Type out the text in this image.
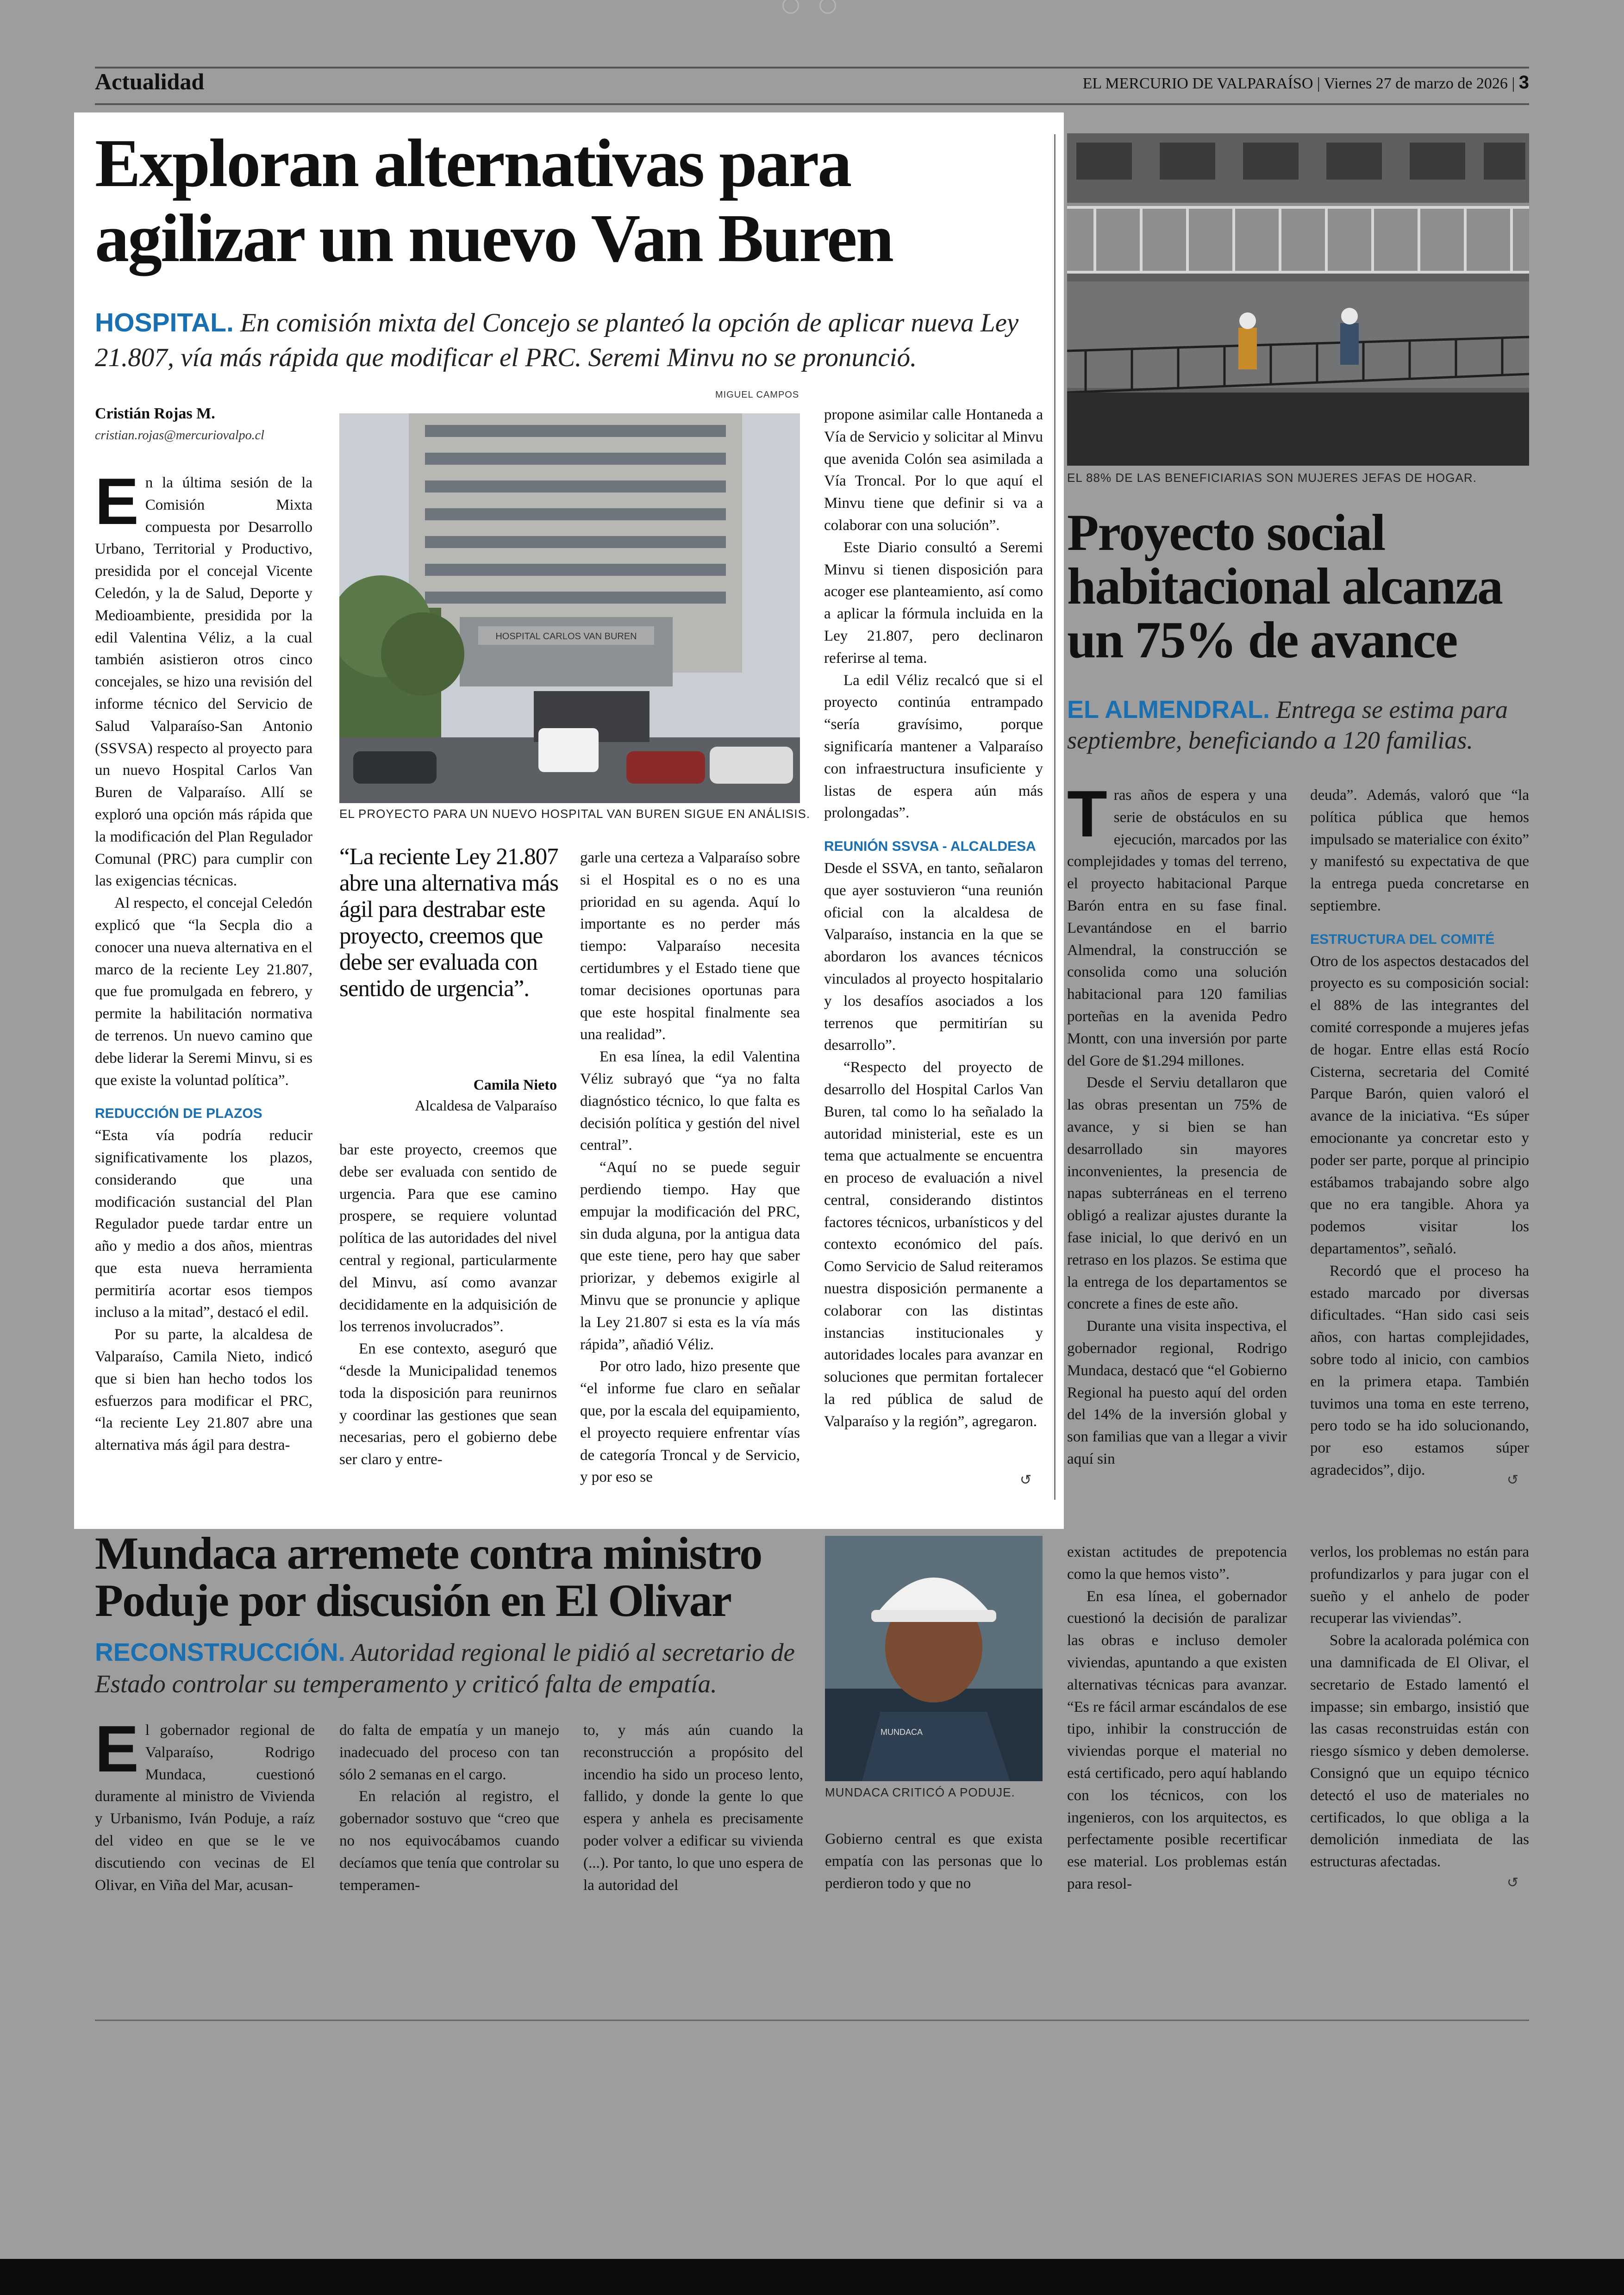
Actualidad	EL MERCURIO DE VALPARAÍSO | Viernes 27 de marzo de 2026 | 3
Exploran alternativas para
agilizar un nuevo Van Buren
HOSPITAL. En comisión mixta del Concejo se planteó la opción de aplicar nueva Ley 21.807, vía más rápida que modificar el PRC. Seremi Minvu no se pronunció.
Cristián Rojas M.
cristian.rojas@mercuriovalpo.cl
MIGUEL CAMPOS
HOSPITAL CARLOS VAN BUREN
EL PROYECTO PARA UN NUEVO HOSPITAL VAN BUREN SIGUE EN ANÁLISIS.
“La reciente Ley 21.807 abre una alternativa más ágil para destrabar este proyecto, creemos que debe ser evaluada con sentido de urgencia”.
Camila Nieto
Alcaldesa de Valparaíso

En la última sesión de la Comisión Mixta compuesta por Desarrollo Urbano, Territorial y Productivo, presidida por el concejal Vicente Celedón, y la de Salud, Deporte y Medioambiente, presidida por la edil Valentina Véliz, a la cual también asistieron otros cinco concejales, se hizo una revisión del informe técnico del Servicio de Salud Valparaíso-San Antonio (SSVSA) respecto al proyecto para un nuevo Hospital Carlos Van Buren de Valparaíso. Allí se exploró una opción más rápida que la modificación del Plan Regulador Comunal (PRC) para cumplir con las exigencias técnicas.

Al respecto, el concejal Celedón explicó que “la Secpla dio a conocer una nueva alternativa en el marco de la reciente Ley 21.807, que fue promulgada en febrero, y permite la habilitación normativa de terrenos. Un nuevo camino que debe liderar la Seremi Minvu, si es que existe la voluntad política”.

REDUCCIÓN DE PLAZOS

“Esta vía podría reducir significativamente los plazos, considerando que una modificación sustancial del Plan Regulador puede tardar entre un año y medio a dos años, mientras que esta nueva herramienta permitiría acortar esos tiempos incluso a la mitad”, destacó el edil.

Por su parte, la alcaldesa de Valparaíso, Camila Nieto, indicó que si bien han hecho todos los esfuerzos para modificar el PRC, “la reciente Ley 21.807 abre una alternativa más ágil para destra-

bar este proyecto, creemos que debe ser evaluada con sentido de urgencia. Para que ese camino prospere, se requiere voluntad política de las autoridades del nivel central y regional, particularmente del Minvu, así como avanzar decididamente en la adquisición de los terrenos involucrados”.

En ese contexto, aseguró que “desde la Municipalidad tenemos toda la disposición para reunirnos y coordinar las gestiones que sean necesarias, pero el gobierno debe ser claro y entre-

garle una certeza a Valparaíso sobre si el Hospital es o no es una prioridad en su agenda. Aquí lo importante es no perder más tiempo: Valparaíso necesita certidumbres y el Estado tiene que tomar decisiones oportunas para que este hospital finalmente sea una realidad”.

En esa línea, la edil Valentina Véliz subrayó que “ya no falta diagnóstico técnico, lo que falta es decisión política y gestión del nivel central”.

“Aquí no se puede seguir perdiendo tiempo. Hay que empujar la modificación del PRC, sin duda alguna, por la antigua data que este tiene, pero hay que saber priorizar, y debemos exigirle al Minvu que se pronuncie y aplique la Ley 21.807 si esta es la vía más rápida”, añadió Véliz.

Por otro lado, hizo presente que “el informe fue claro en señalar que, por la escala del equipamiento, el proyecto requiere enfrentar vías de categoría Troncal y de Servicio, y por eso se

propone asimilar calle Hontaneda a Vía de Servicio y solicitar al Minvu que avenida Colón sea asimilada a Vía Troncal. Por lo que aquí el Minvu tiene que definir si va a colaborar con una solución”.

Este Diario consultó a Seremi Minvu si tienen disposición para acoger ese planteamiento, así como a aplicar la fórmula incluida en la Ley 21.807, pero declinaron referirse al tema.

La edil Véliz recalcó que si el proyecto continúa entrampado “sería gravísimo, porque significaría mantener a Valparaíso con infraestructura insuficiente y listas de espera aún más prolongadas”.

REUNIÓN SSVSA - ALCALDESA

Desde el SSVA, en tanto, señalaron que ayer sostuvieron “una reunión oficial con la alcaldesa de Valparaíso, instancia en la que se abordaron los avances técnicos vinculados al proyecto hospitalario y los desafíos asociados a los terrenos que permitirían su desarrollo”.

“Respecto del proyecto de desarrollo del Hospital Carlos Van Buren, tal como lo ha señalado la autoridad ministerial, este es un tema que actualmente se encuentra en proceso de evaluación a nivel central, considerando distintos factores técnicos, urbanísticos y del contexto económico del país. Como Servicio de Salud reiteramos nuestra disposición permanente a colaborar con las distintas instancias institucionales y autoridades locales para avanzar en soluciones que permitan fortalecer la red pública de salud de Valparaíso y la región”, agregaron.

↺
EL 88% DE LAS BENEFICIARIAS SON MUJERES JEFAS DE HOGAR.
Proyecto social
habitacional alcanza
un 75% de avance
EL ALMENDRAL. Entrega se estima para septiembre, beneficiando a 120 familias.

Tras años de espera y una serie de obstáculos en su ejecución, marcados por las complejidades y tomas del terreno, el proyecto habitacional Parque Barón entra en su fase final. Levantándose en el barrio Almendral, la construcción se consolida como una solución habitacional para 120 familias porteñas en la avenida Pedro Montt, con una inversión por parte del Gore de $1.294 millones.

Desde el Serviu detallaron que las obras presentan un 75% de avance, y si bien se han desarrollado sin mayores inconvenientes, la presencia de napas subterráneas en el terreno obligó a realizar ajustes durante la fase inicial, lo que derivó en un retraso en los plazos. Se estima que la entrega de los departamentos se concrete a fines de este año.

Durante una visita inspectiva, el gobernador regional, Rodrigo Mundaca, destacó que “el Gobierno Regional ha puesto aquí del orden del 14% de la inversión global y son familias que van a llegar a vivir aquí sin

deuda”. Además, valoró que “la política pública que hemos impulsado se materialice con éxito” y manifestó su expectativa de que la entrega pueda concretarse en septiembre.

ESTRUCTURA DEL COMITÉ

Otro de los aspectos destacados del proyecto es su composición social: el 88% de las integrantes del comité corresponde a mujeres jefas de hogar. Entre ellas está Rocío Cisterna, secretaria del Comité Parque Barón, quien valoró el avance de la iniciativa. “Es súper emocionante ya concretar esto y poder ser parte, porque al principio estábamos trabajando sobre algo que no era tangible. Ahora ya podemos visitar los departamentos”, señaló.

Recordó que el proceso ha estado marcado por diversas dificultades. “Han sido casi seis años, con hartas complejidades, sobre todo al inicio, con cambios en la primera etapa. También tuvimos una toma en este terreno, pero todo se ha ido solucionando, por eso estamos súper agradecidos”, dijo.

↺
Mundaca arremete contra ministro
Poduje por discusión en El Olivar
RECONSTRUCCIÓN. Autoridad regional le pidió al secretario de Estado controlar su temperamento y criticó falta de empatía.
MUNDACA
MUNDACA CRITICÓ A PODUJE.

El gobernador regional de Valparaíso, Rodrigo Mundaca, cuestionó duramente al ministro de Vivienda y Urbanismo, Iván Poduje, a raíz del video en que se le ve discutiendo con vecinas de El Olivar, en Viña del Mar, acusan-

do falta de empatía y un manejo inadecuado del proceso con tan sólo 2 semanas en el cargo.

En relación al registro, el gobernador sostuvo que “creo que no nos equivocábamos cuando decíamos que tenía que controlar su temperamen-

to, y más aún cuando la reconstrucción a propósito del incendio ha sido un proceso lento, fallido, y donde la gente lo que espera y anhela es precisamente poder volver a edificar su vivienda (...). Por tanto, lo que uno espera de la autoridad del

Gobierno central es que exista empatía con las personas que lo perdieron todo y que no

existan actitudes de prepotencia como la que hemos visto”.

En esa línea, el gobernador cuestionó la decisión de paralizar las obras e incluso demoler viviendas, apuntando a que existen alternativas técnicas para avanzar. “Es re fácil armar escándalos de ese tipo, inhibir la construcción de viviendas porque el material no está certificado, pero aquí hablando con los técnicos, con los ingenieros, con los arquitectos, es perfectamente posible recertificar ese material. Los problemas están para resol-

verlos, los problemas no están para profundizarlos y para jugar con el sueño y el anhelo de poder recuperar las viviendas”.

Sobre la acalorada polémica con una damnificada de El Olivar, el secretario de Estado lamentó el impasse; sin embargo, insistió que las casas reconstruidas están con riesgo sísmico y deben demolerse. Consignó que un equipo técnico detectó el uso de materiales no certificados, lo que obliga a la demolición inmediata de las estructuras afectadas.

↺
